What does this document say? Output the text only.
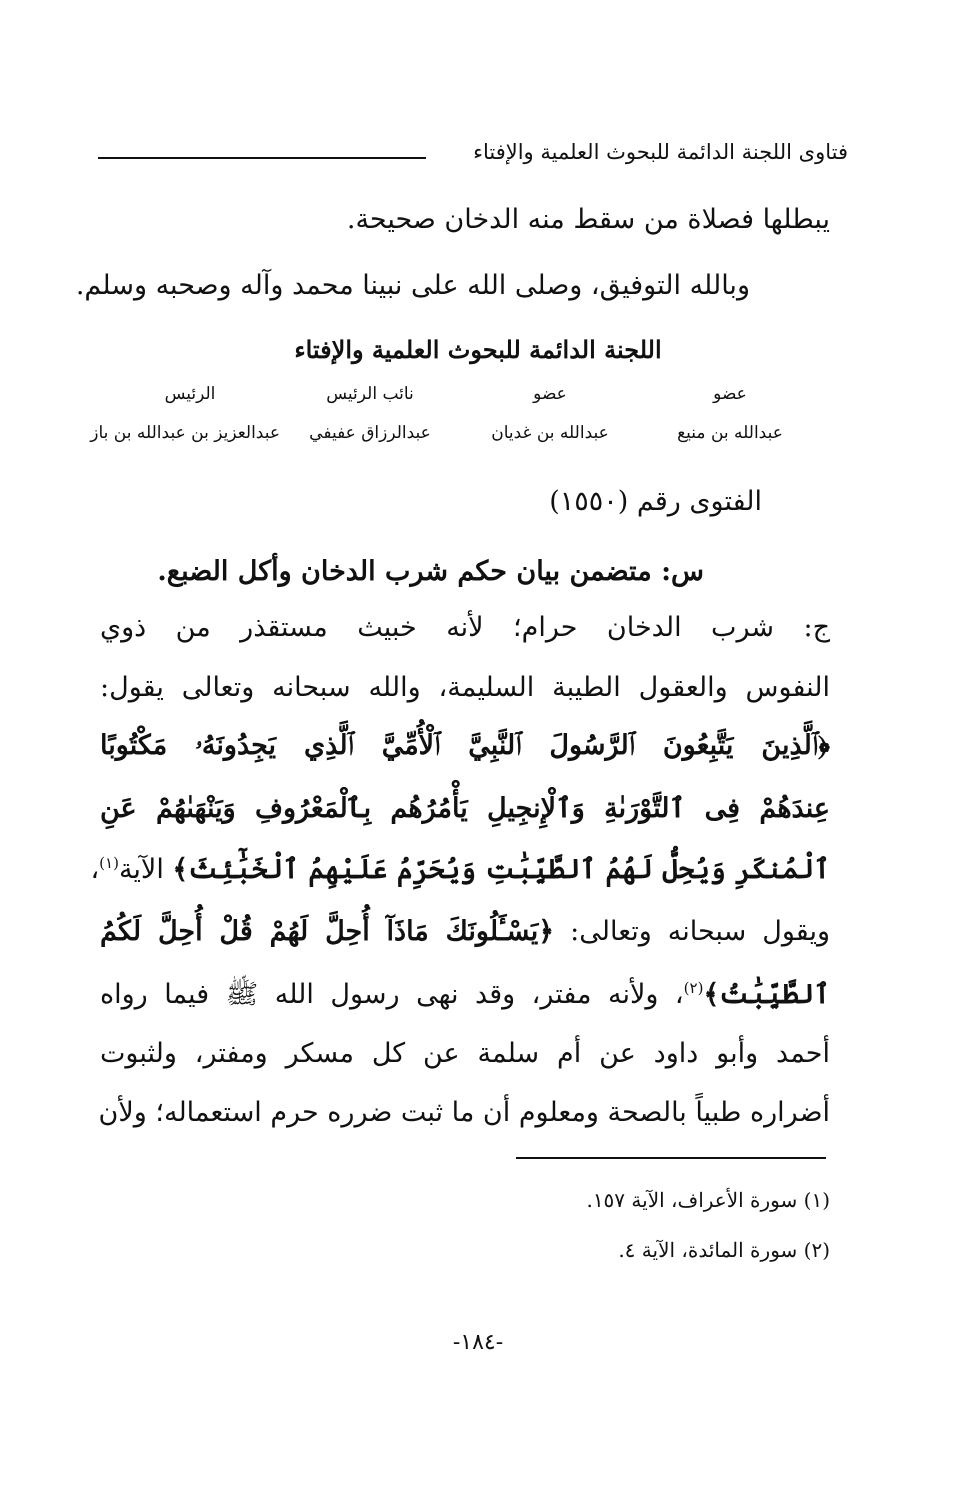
فتاوى اللجنة الدائمة للبحوث العلمية والإفتاء
يبطلها فصلاة من سقط منه الدخان صحيحة.
وبالله التوفيق، وصلى الله على نبينا محمد وآله وصحبه وسلم.
اللجنة الدائمة للبحوث العلمية والإفتاء
عضو
عضو
نائب الرئيس
الرئيس
عبدالله بن منيع
عبدالله بن غديان
عبدالرزاق عفيفي
عبدالعزيز بن عبدالله بن باز
الفتوى رقم (١٥٥٠)
س: متضمن بيان حكم شرب الدخان وأكل الضبع.
ج: شرب الدخان حرام؛ لأنه خبيث مستقذر من ذوي
النفوس والعقول الطيبة السليمة، والله سبحانه وتعالى يقول:
﴿ٱلَّذِينَ يَتَّبِعُونَ ٱلرَّسُولَ ٱلنَّبِيَّ ٱلْأُمِّيَّ ٱلَّذِي يَجِدُونَهُۥ مَكْتُوبًا
عِندَهُمْ فِى ٱلتَّوْرَىٰةِ وَٱلْإِنجِيلِ يَأْمُرُهُم بِٱلْمَعْرُوفِ وَيَنْهَىٰهُمْ عَنِ
ٱلْمُنكَرِ وَيُحِلُّ لَهُمُ ٱلطَّيِّبَٰتِ وَيُحَرِّمُ عَلَيْهِمُ ٱلْخَبَٰٓئِثَ﴾ الآية$^{(١)}$،
ويقول سبحانه وتعالى: ﴿يَسْـَٔلُونَكَ مَاذَآ أُحِلَّ لَهُمْ قُلْ أُحِلَّ لَكُمُ
ٱلطَّيِّبَٰتُ﴾$^{(٢)}$، ولأنه مفتر، وقد نهى رسول الله ﷺ فيما رواه
أحمد وأبو داود عن أم سلمة عن كل مسكر ومفتر، ولثبوت
أضراره طبياً بالصحة ومعلوم أن ما ثبت ضرره حرم استعماله؛ ولأن
(١) سورة الأعراف، الآية ١٥٧.
(٢) سورة المائدة، الآية ٤.
-١٨٤-
